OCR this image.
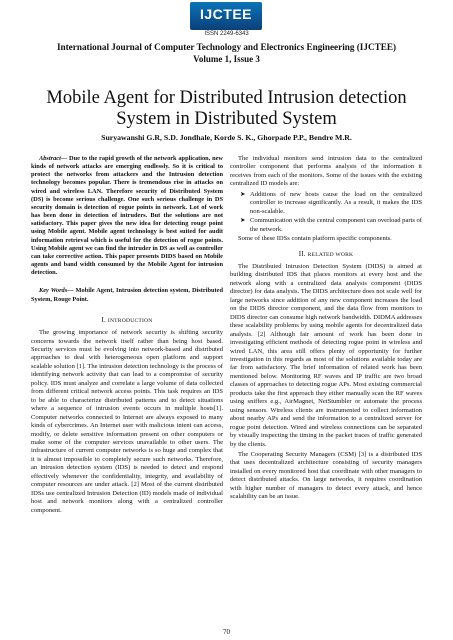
IJCTEE
ISSN 2249-6343
International Journal of Computer Technology and Electronics Engineering (IJCTEE)
Volume 1, Issue 3
Mobile Agent for Distributed Intrusion detection System in Distributed System
Suryawanshi G.R, S.D. Jondhale, Korde S. K., Ghorpade P.P., Bendre M.R.

Abstract— Due to the rapid growth of the network application, new kinds of network attacks are emerging endlessly. So it is critical to protect the networks from attackers and the Intrusion detection technology becomes popular. There is tremendous rise in attacks on wired and wireless LAN. Therefore security of Distributed System (DS) is become serious challenge. One such serious challenge in DS security domain is detection of rogue points in network. Lot of work has been done in detection of intruders. But the solutions are not satisfactory. This paper gives the new idea for detecting rouge point using Mobile agent. Mobile agent technology is best suited for audit information retrieval which is useful for the detection of rogue points. Using Mobile agent we can find the intruder in DS as well as controller can take corrective action. This paper presents DIDS based on Mobile agents and band width consumed by the Mobile Agent for intrusion detection.

Key Words— Mobile Agent, Intrusion detection system, Distributed System, Rouge Point.

I. INTRODUCTION

The growing importance of network security is shifting security concerns towards the network itself rather than being host based. Security services must be evolving into network-based and distributed approaches to deal with heterogeneous open platform and support scalable solution [1]. The intrusion detection technology is the process of identifying network activity that can lead to a compromise of security policy. IDS must analyze and correlate a large volume of data collected from different critical network access points. This task requires an IDS to be able to characterize distributed patterns and to detect situations where a sequence of intrusion events occurs in multiple hosts[1]. Computer networks connected to Internet are always exposed to many kinds of cybercrimes. An Internet user with malicious intent can access, modify, or delete sensitive information present on other computers or make some of the computer services unavailable to other users. The infrastructure of current computer networks is so huge and complex that it is almost impossible to completely secure such networks. Therefore, an intrusion detection system (IDS) is needed to detect and respond effectively whenever the confidentiality, integrity, and availability of computer resources are under attack. [2] Most of the current distributed IDSs use centralized Intrusion Detection (ID) models made of individual host and network monitors along with a centralized controller component.

The individual monitors send intrusion data to the centralized controller component that performs analysis of the information it receives from each of the monitors. Some of the issues with the existing centralized ID models are:

➤ Additions of new hosts cause the load on the centralized controller to increase significantly. As a result, it makes the IDS non-scalable.
➤ Communication with the central component can overload parts of the network.

Some of these IDSs contain platform specific components.

II. RELATED WORK

The Distributed Intrusion Detection System (DIDS) is aimed at building distributed IDS that places monitors at every host and the network along with a centralized data analysis component (DIDS director) for data analysis. The DIDS architecture does not scale well for large networks since addition of any new component increases the load on the DIDS director component, and the data flow from monitors to DIDS director can consume high network bandwidth. DIDMA addresses these scalability problems by using mobile agents for decentralized data analysis. [2] Although fair amount of work has been done in investigating efficient methods of detecting rogue point in wireless and wired LAN, this area still offers plenty of opportunity for further investigation in this regards as most of the solutions available today are far from satisfactory. The brief information of related work has been mentioned below. Monitoring RF waves and IP traffic are two broad classes of approaches to detecting rogue APs. Most existing commercial products take the first approach they either manually scan the RF waves using sniffers e.g., AirMagnet, NetStumbler or automate the process using sensors. Wireless clients are instrumented to collect information about nearby APs and send the information to a centralized server for rogue point detection. Wired and wireless connections can be separated by visually inspecting the timing in the packet traces of traffic generated by the clients.

The Cooperating Security Managers (CSM) [3] is a distributed IDS that uses decentralized architecture consisting of security managers installed on every monitored host that coordinate with other managers to detect distributed attacks. On large networks, it requires coordination with higher number of managers to detect every attack, and hence scalability can be an issue.

70
